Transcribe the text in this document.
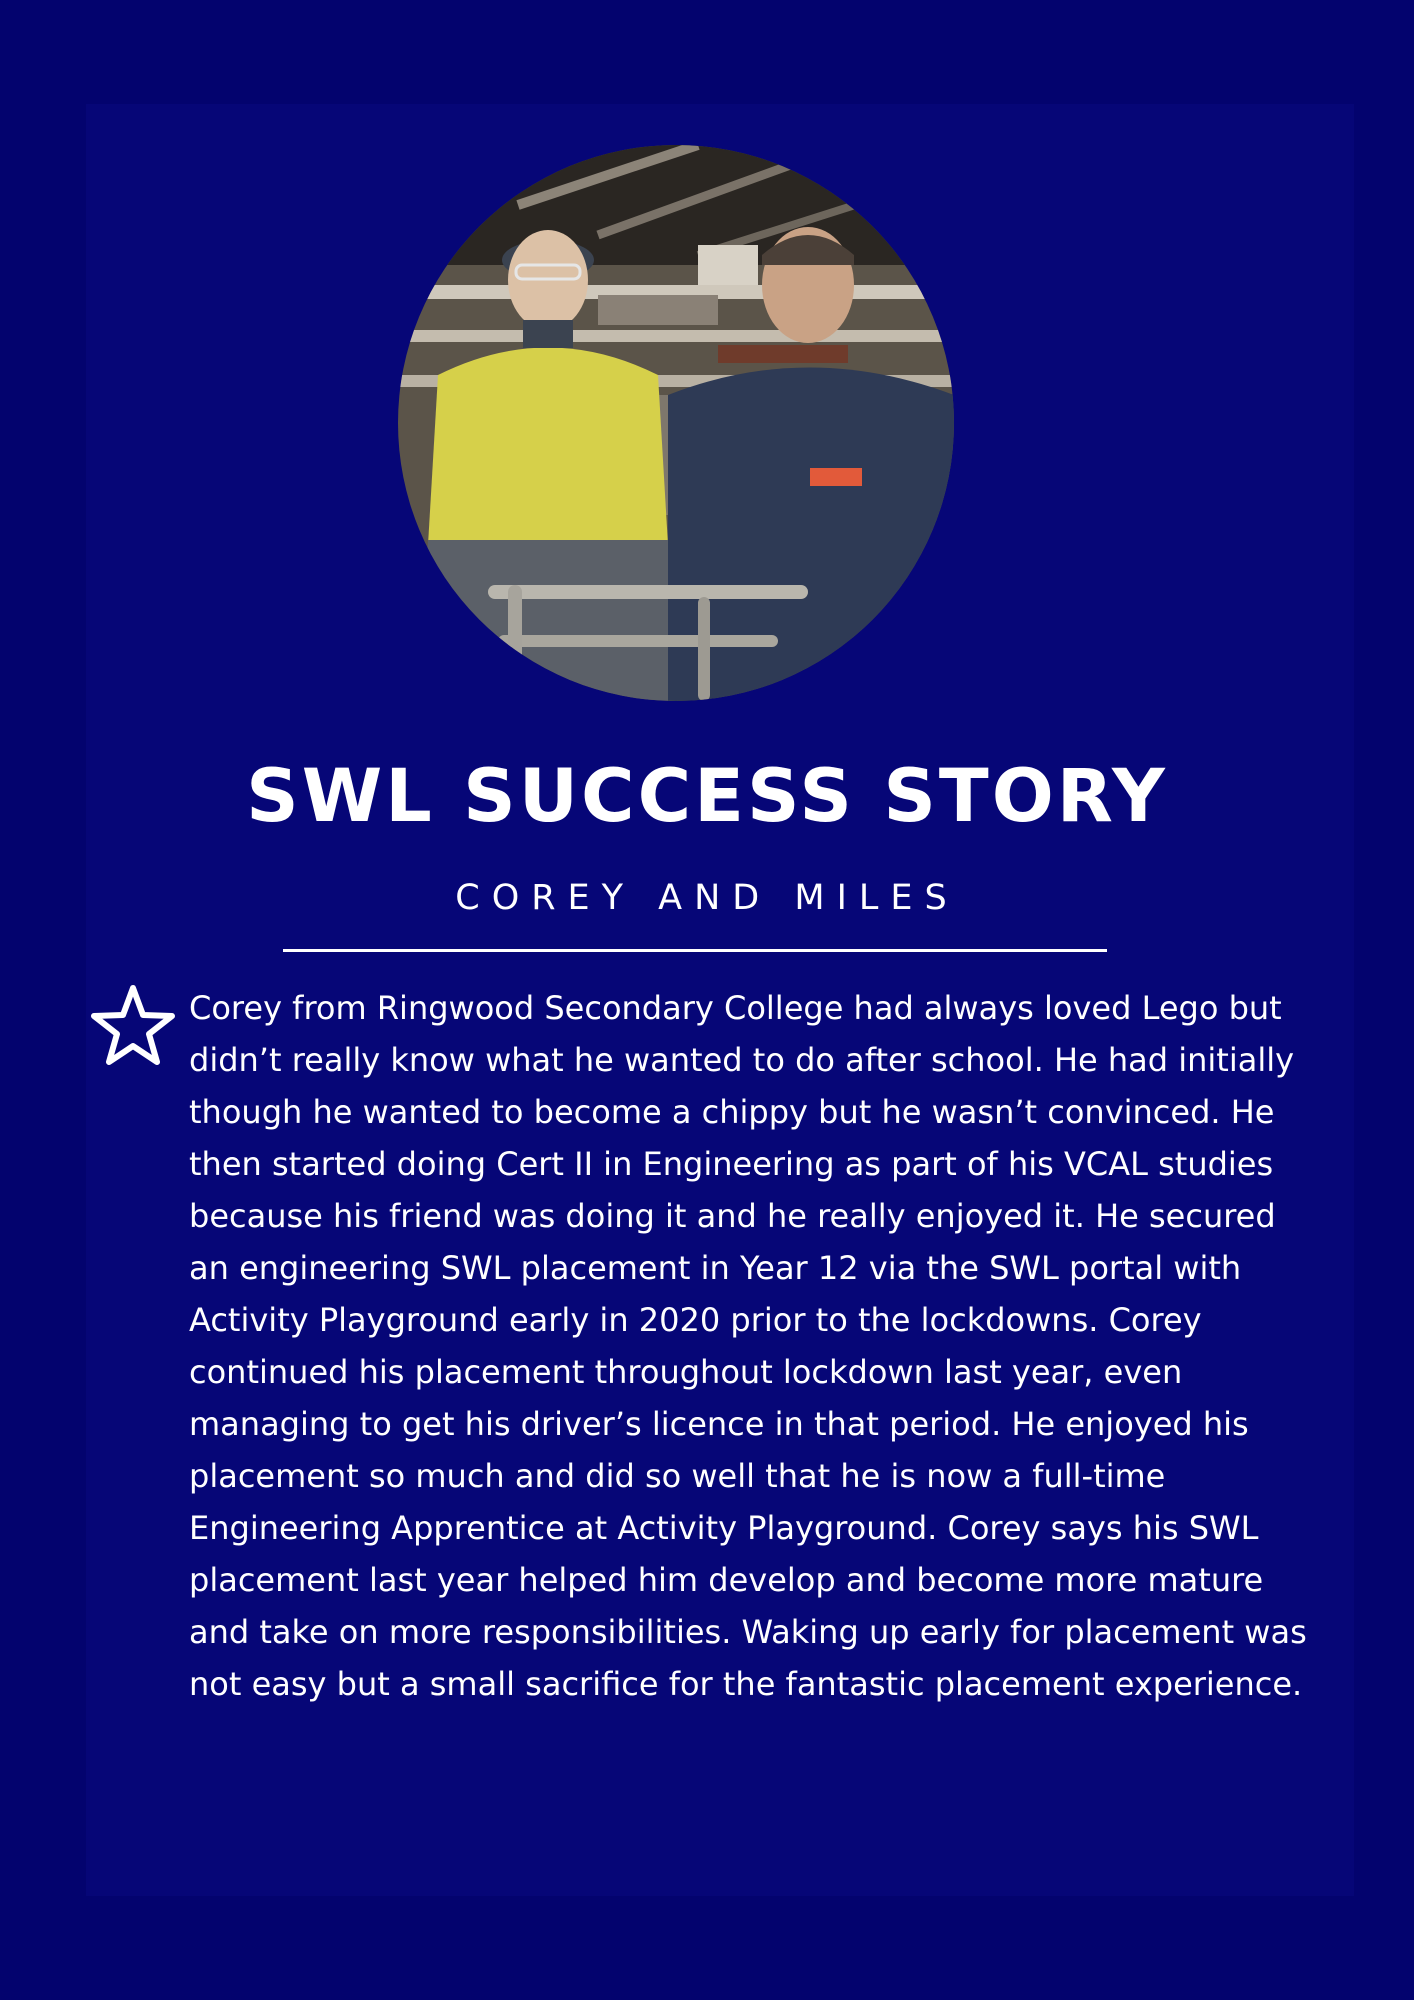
SWL SUCCESS STORY
COREY AND MILES

Corey from Ringwood Secondary College had always loved Lego but didn’t really know what he wanted to do after school. He had initially though he wanted to become a chippy but he wasn’t convinced. He then started doing Cert II in Engineering as part of his VCAL studies because his friend was doing it and he really enjoyed it. He secured an engineering SWL placement in Year 12 via the SWL portal with Activity Playground early in 2020 prior to the lockdowns. Corey continued his placement throughout lockdown last year, even managing to get his driver’s licence in that period. He enjoyed his placement so much and did so well that he is now a full-time Engineering Apprentice at Activity Playground. Corey says his SWL placement last year helped him develop and become more mature and take on more responsibilities. Waking up early for placement was not easy but a small sacrifice for the fantastic placement experience.
